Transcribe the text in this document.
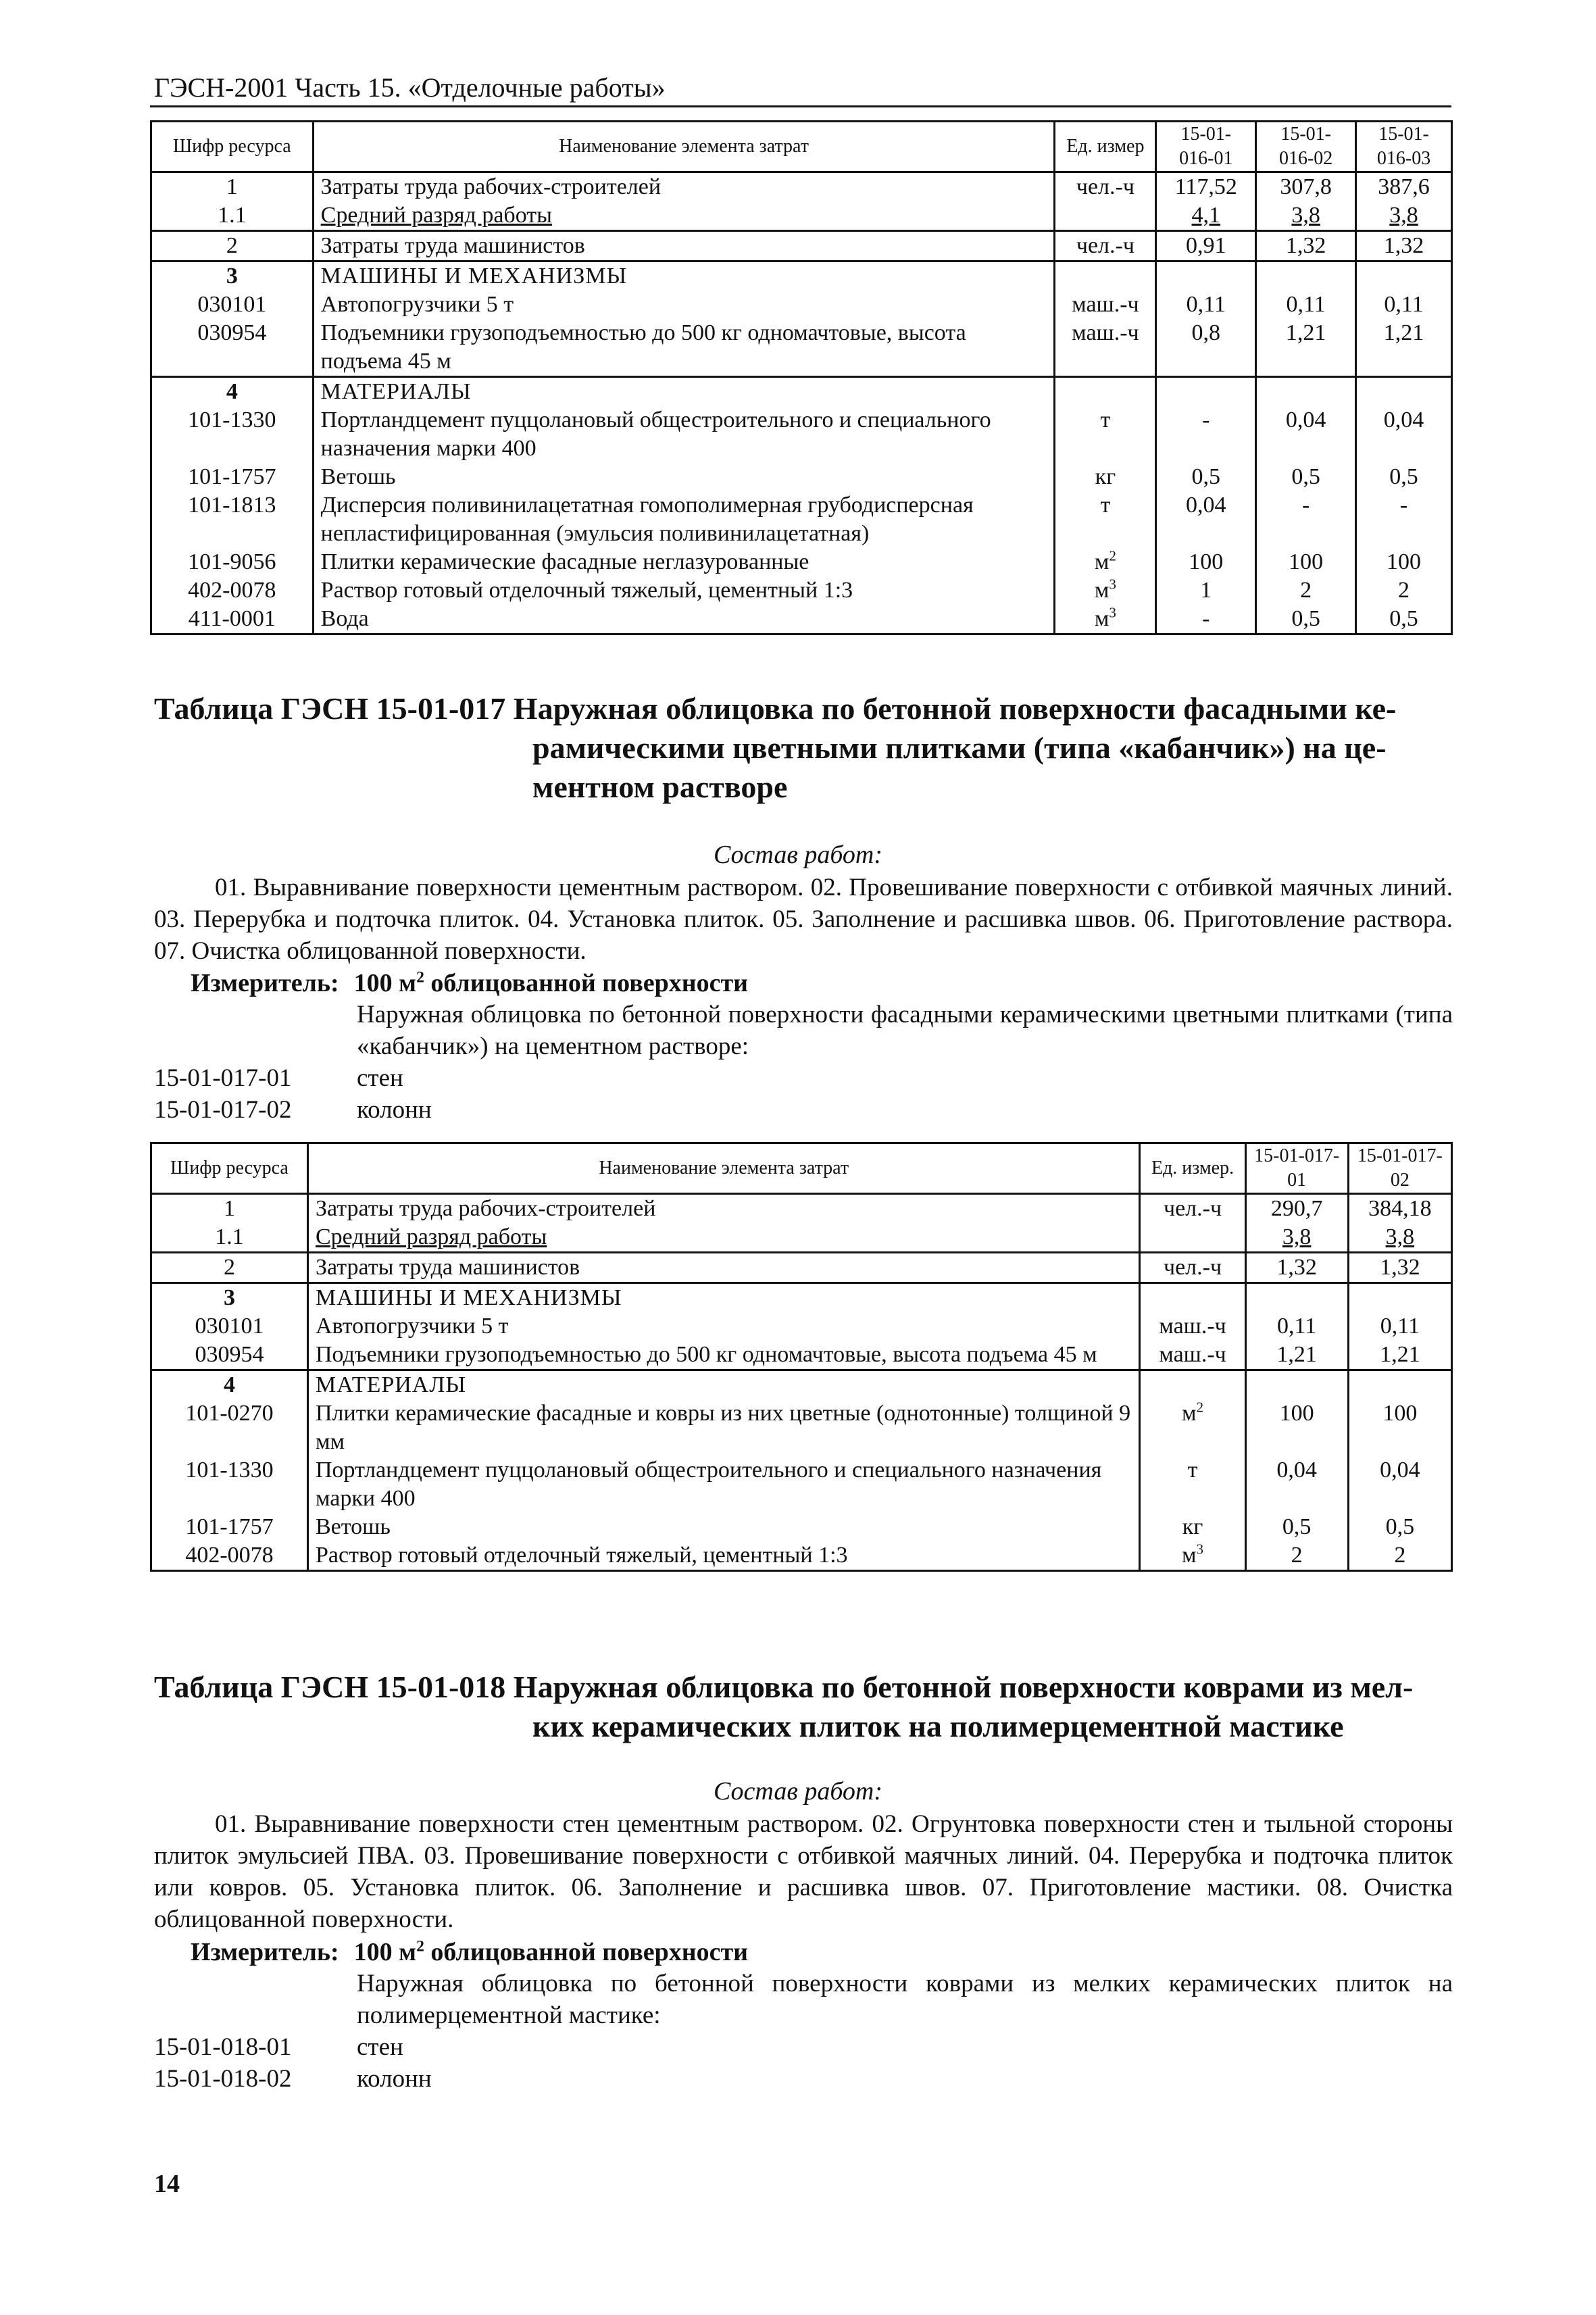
ГЭСН-2001 Часть 15. «Отделочные работы»
Шифр ресурса	Наименование элемента затрат	Ед. измер	15-01-016-01	15-01-016-02	15-01-016-03
1	Затраты труда рабочих-строителей	чел.-ч	117,52	307,8	387,6
1.1	Средний разряд работы		4,1	3,8	3,8
2	Затраты труда машинистов	чел.-ч	0,91	1,32	1,32
3	МАШИНЫ И МЕХАНИЗМЫ				
030101	Автопогрузчики 5 т	маш.-ч	0,11	0,11	0,11
030954	Подъемники грузоподъемностью до 500 кг одномачтовые, высота подъема 45 м	маш.-ч	0,8	1,21	1,21
4	МАТЕРИАЛЫ				
101-1330	Портландцемент пуццолановый общестроительного и специального назначения марки 400	т	-	0,04	0,04
101-1757	Ветошь	кг	0,5	0,5	0,5
101-1813	Дисперсия поливинилацетатная гомополимерная грубодисперсная непластифицированная (эмульсия поливинилацетатная)	т	0,04	-	-
101-9056	Плитки керамические фасадные неглазурованные	$м^2$	100	100	100
402-0078	Раствор готовый отделочный тяжелый, цементный 1:3	$м^3$	1	2	2
411-0001	Вода	$м^3$	-	0,5	0,5
Таблица ГЭСН 15-01-017 Наружная облицовка по бетонной поверхности фасадными ке-
рамическими цветными плитками (типа «кабанчик») на це-
ментном растворе
Состав работ:
01. Выравнивание поверхности цементным раствором. 02. Провешивание поверхности с отбивкой маячных линий. 03. Перерубка и подточка плиток. 04. Установка плиток. 05. Заполнение и расшивка швов. 06. Приготовление раствора. 07. Очистка облицованной поверхности.
Измеритель: 100 $м^2$ облицованной поверхности
Наружная облицовка по бетонной поверхности фасадными керамическими цветными плитками (типа «кабанчик») на цементном растворе:
15-01-017-01	стен
15-01-017-02	колонн
Шифр ресурса	Наименование элемента затрат	Ед. измер.	15-01-017-01	15-01-017-02
1	Затраты труда рабочих-строителей	чел.-ч	290,7	384,18
1.1	Средний разряд работы		3,8	3,8
2	Затраты труда машинистов	чел.-ч	1,32	1,32
3	МАШИНЫ И МЕХАНИЗМЫ			
030101	Автопогрузчики 5 т	маш.-ч	0,11	0,11
030954	Подъемники грузоподъемностью до 500 кг одномачтовые, высота подъема 45 м	маш.-ч	1,21	1,21
4	МАТЕРИАЛЫ			
101-0270	Плитки керамические фасадные и ковры из них цветные (однотонные) толщиной 9 мм	$м^2$	100	100
101-1330	Портландцемент пуццолановый общестроительного и специального назначения марки 400	т	0,04	0,04
101-1757	Ветошь	кг	0,5	0,5
402-0078	Раствор готовый отделочный тяжелый, цементный 1:3	$м^3$	2	2
Таблица ГЭСН 15-01-018 Наружная облицовка по бетонной поверхности коврами из мел-
ких керамических плиток на полимерцементной мастике
Состав работ:
01. Выравнивание поверхности стен цементным раствором. 02. Огрунтовка поверхности стен и тыльной стороны плиток эмульсией ПВА. 03. Провешивание поверхности с отбивкой маячных линий. 04. Перерубка и подточка плиток или ковров. 05. Установка плиток. 06. Заполнение и расшивка швов. 07. Приготовление мастики. 08. Очистка облицованной поверхности.
Измеритель: 100 $м^2$ облицованной поверхности
Наружная облицовка по бетонной поверхности коврами из мелких керамических плиток на полимерцементной мастике:
15-01-018-01	стен
15-01-018-02	колонн
14
